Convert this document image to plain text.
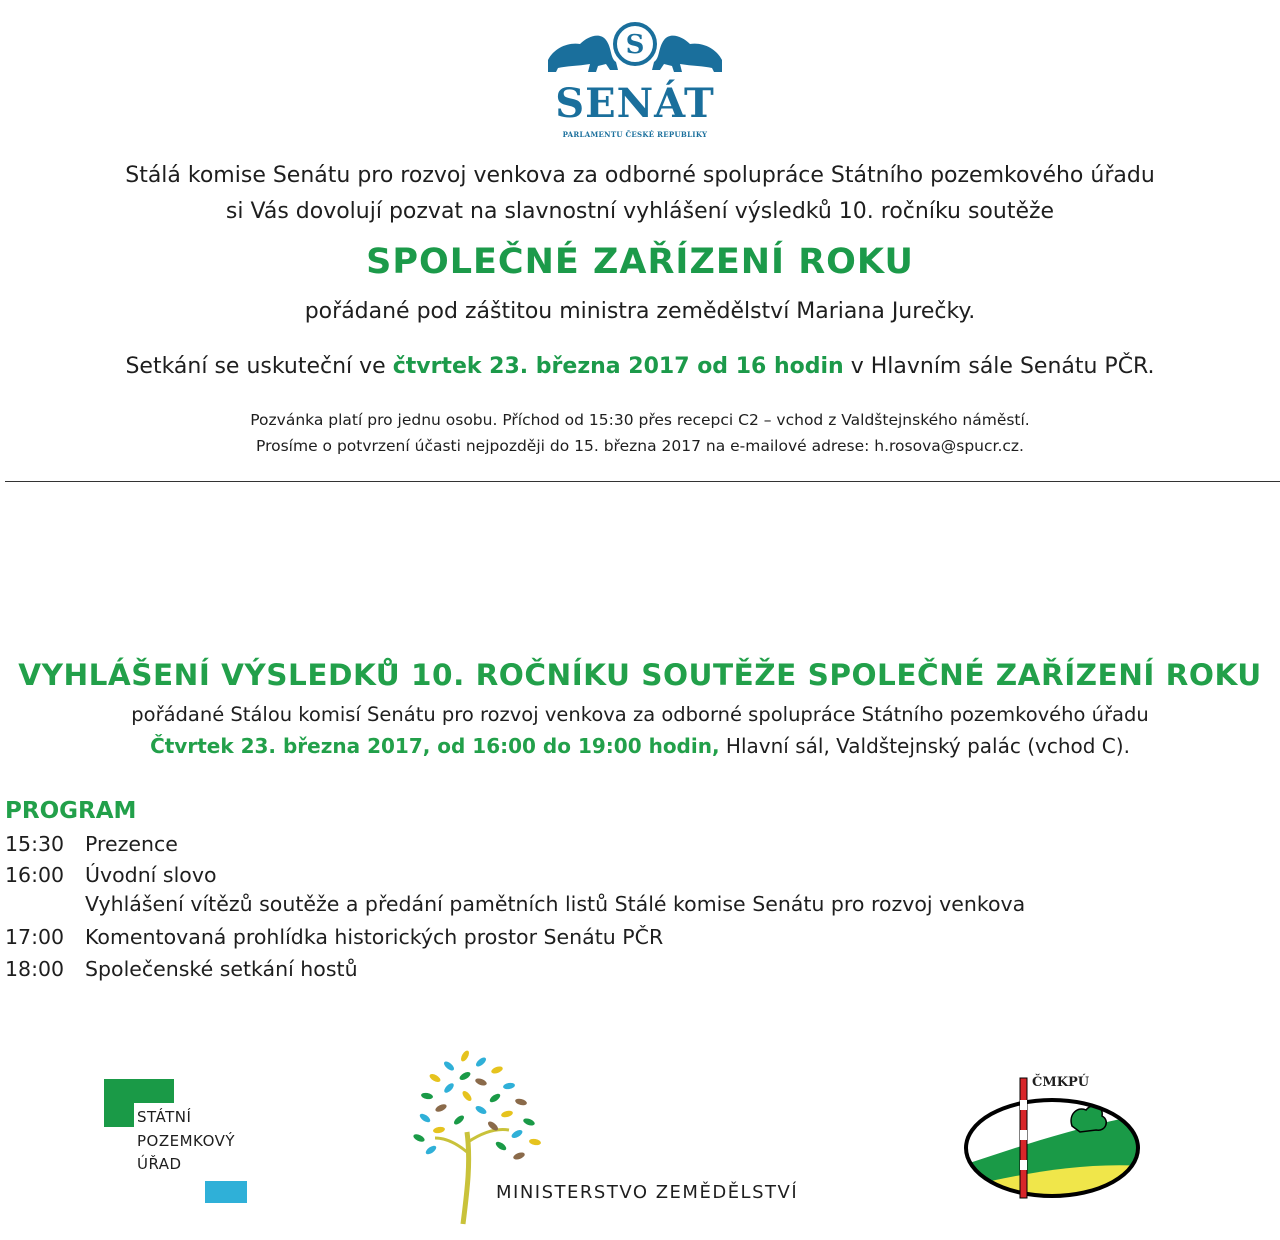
S
SENÁT
PARLAMENTU ČESKÉ REPUBLIKY
Stálá komise Senátu pro rozvoj venkova za odborné spolupráce Státního pozemkového úřadu
si Vás dovolují pozvat na slavnostní vyhlášení výsledků 10. ročníku soutěže
SPOLEČNÉ ZAŘÍZENÍ ROKU
pořádané pod záštitou ministra zemědělství Mariana Jurečky.
Setkání se uskuteční ve čtvrtek 23. března 2017 od 16 hodin v Hlavním sále Senátu PČR.
Pozvánka platí pro jednu osobu. Příchod od 15:30 přes recepci C2 – vchod z Valdštejnského náměstí.
Prosíme o potvrzení účasti nejpozději do 15. března 2017 na e-mailové adrese: h.rosova@spucr.cz.
VYHLÁŠENÍ VÝSLEDKŮ 10. ROČNÍKU SOUTĚŽE SPOLEČNÉ ZAŘÍZENÍ ROKU
pořádané Stálou komisí Senátu pro rozvoj venkova za odborné spolupráce Státního pozemkového úřadu
Čtvrtek 23. března 2017, od 16:00 do 19:00 hodin, Hlavní sál, Valdštejnský palác (vchod C).
PROGRAM
15:30 Prezence
16:00 Úvodní slovo
Vyhlášení vítězů soutěže a předání pamětních listů Stálé komise Senátu pro rozvoj venkova
17:00 Komentovaná prohlídka historických prostor Senátu PČR
18:00 Společenské setkání hostů
STÁTNÍ
POZEMKOVÝ
ÚŘAD
MINISTERSTVO ZEMĚDĚLSTVÍ
ČMKPÚ
